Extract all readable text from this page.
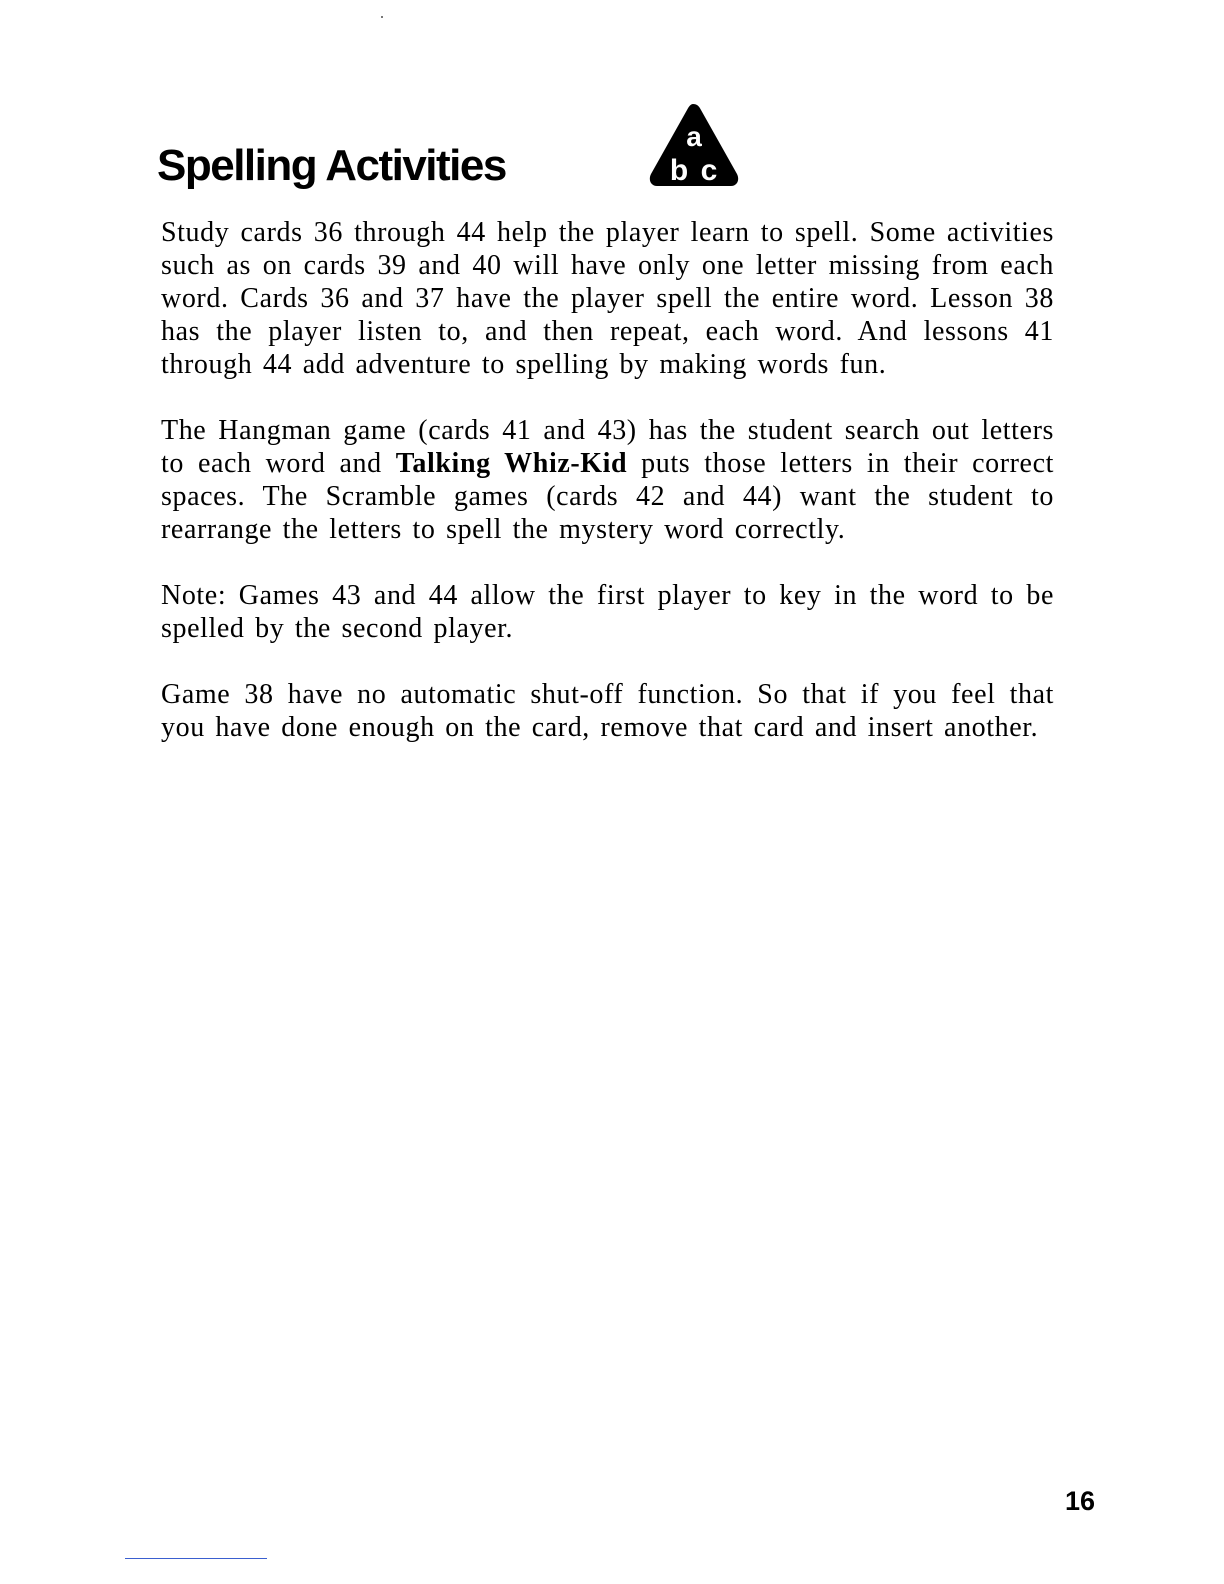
Spelling Activities
a
b c

Study cards 36 through 44 help the player learn to spell. Some activities such as on cards 39 and 40 will have only one letter missing from each word. Cards 36 and 37 have the player spell the entire word. Lesson 38 has the player listen to, and then repeat, each word. And lessons 41 through 44 add adventure to spelling by making words fun.

The Hangman game (cards 41 and 43) has the student search out letters to each word and Talking Whiz-Kid puts those letters in their correct spaces. The Scramble games (cards 42 and 44) want the student to rearrange the letters to spell the mystery word correctly.

Note: Games 43 and 44 allow the first player to key in the word to be spelled by the second player.

Game 38 have no automatic shut-off function. So that if you feel that you have done enough on the card, remove that card and insert another.

16
